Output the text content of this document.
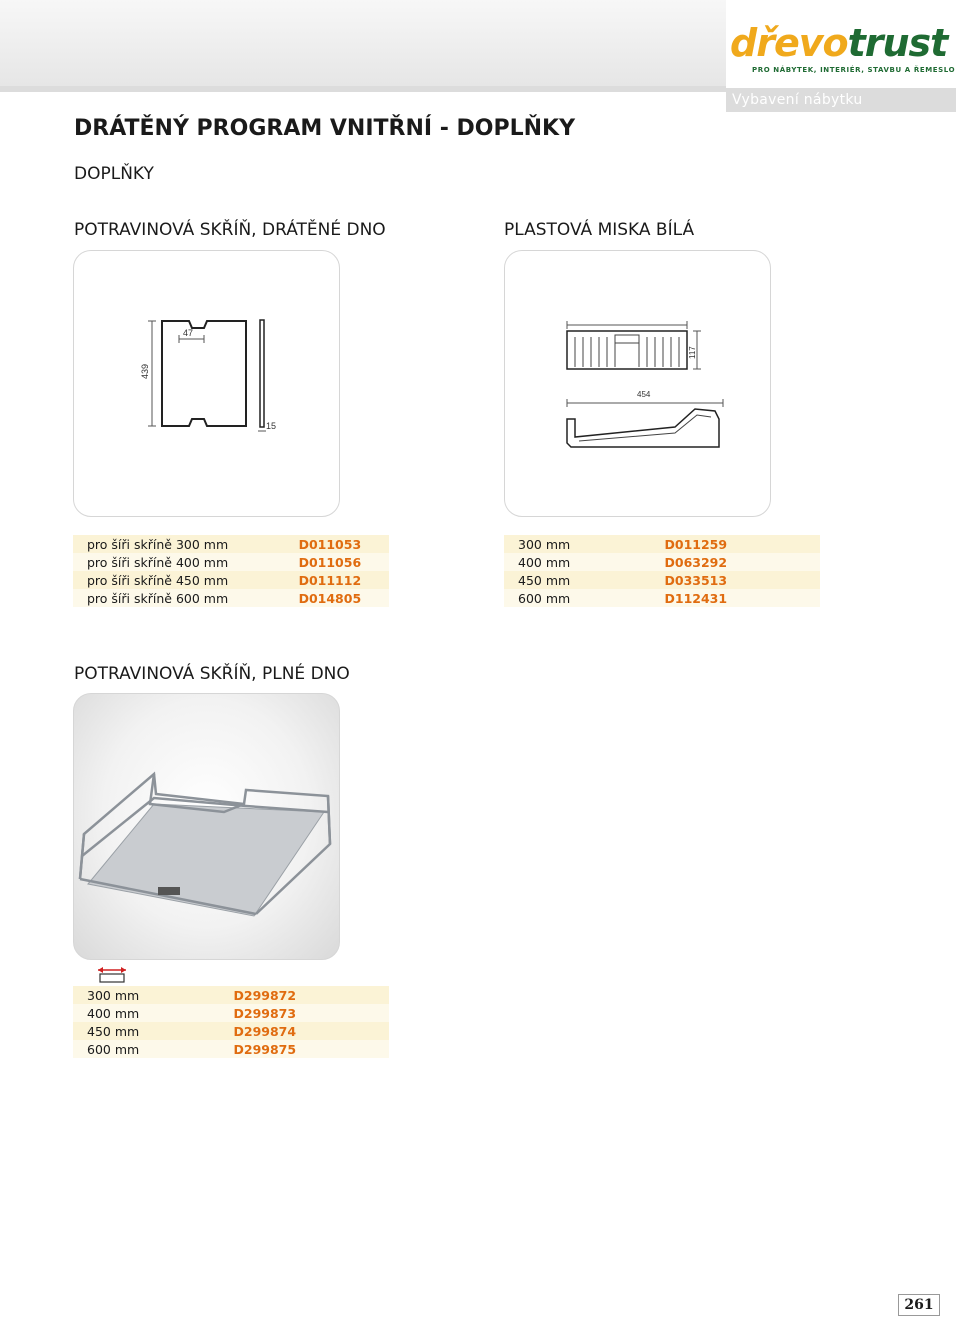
dřevotrust
PRO NÁBYTEK, INTERIÉR, STAVBU A ŘEMESLO
Vybavení nábytku
DRÁTĚNÝ PROGRAM VNITŘNÍ - DOPLŇKY
DOPLŇKY
POTRAVINOVÁ SKŘÍŇ, DRÁTĚNÉ DNO
47
439
15
pro šíři skříně 300 mm	D011053
pro šíři skříně 400 mm	D011056
pro šíři skříně 450 mm	D011112
pro šíři skříně 600 mm	D014805
PLASTOVÁ MISKA BÍLÁ
117
454
300 mm	D011259
400 mm	D063292
450 mm	D033513
600 mm	D112431
POTRAVINOVÁ SKŘÍŇ, PLNÉ DNO
300 mm	D299872
400 mm	D299873
450 mm	D299874
600 mm	D299875
261
